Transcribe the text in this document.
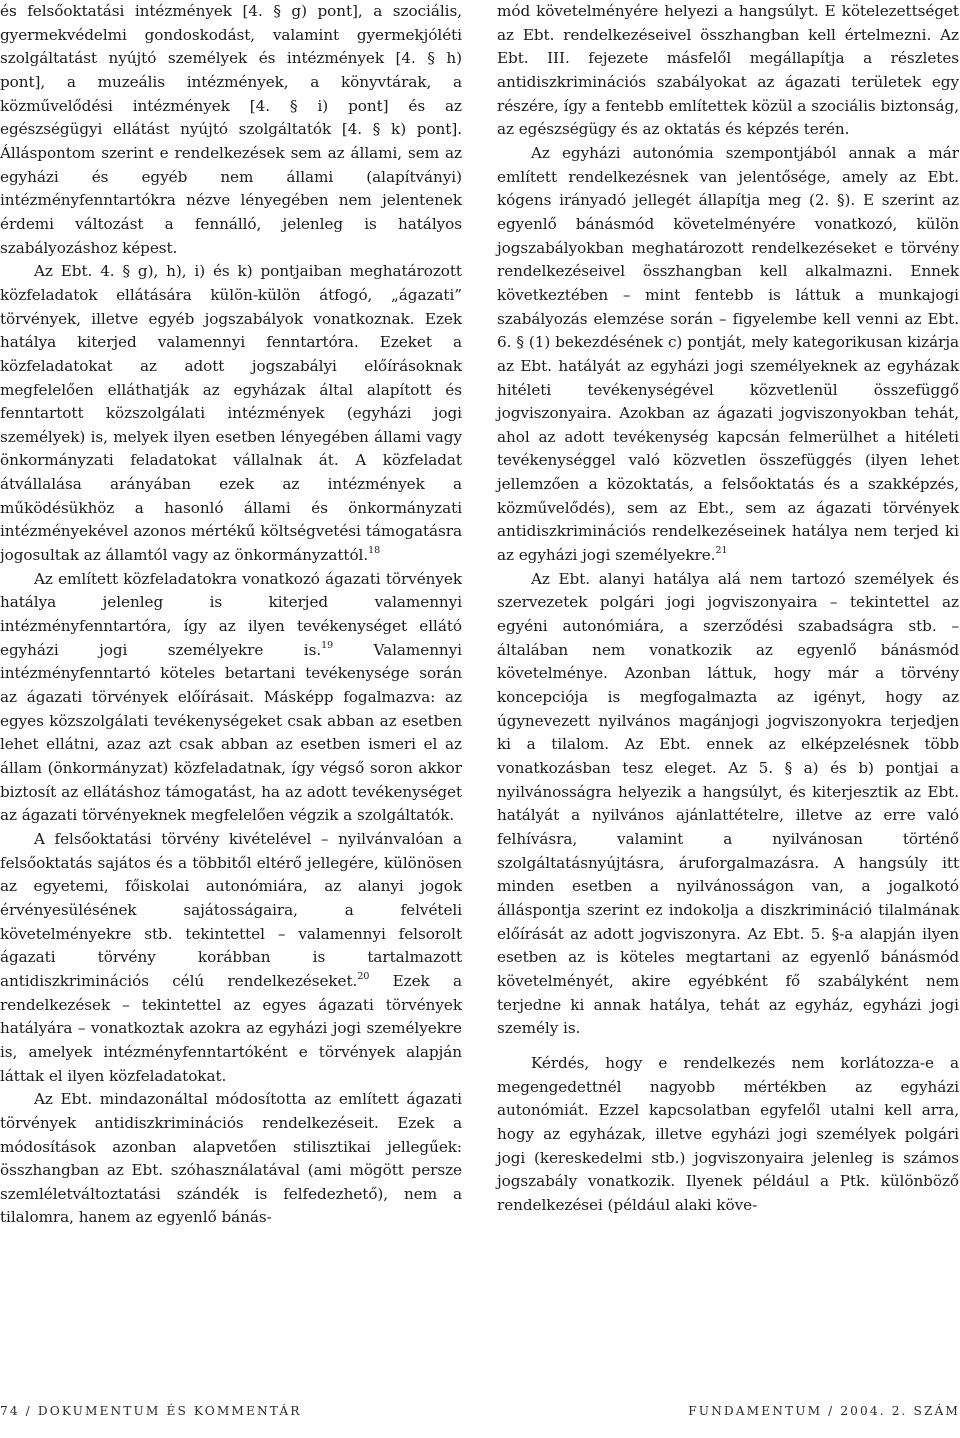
és felsőoktatási intézmények [4. § g) pont], a szociális, gyermekvédelmi gondoskodást, valamint gyermekjóléti szolgáltatást nyújtó személyek és intézmények [4. § h) pont], a muzeális intézmények, a könyvtárak, a közművelődési intézmények [4. § i) pont] és az egészségügyi ellátást nyújtó szolgáltatók [4. § k) pont]. Álláspontom szerint e rendelkezések sem az állami, sem az egyházi és egyéb nem állami (alapítványi) intézményfenntartókra nézve lényegében nem jelentenek érdemi változást a fennálló, jelenleg is hatályos szabályozáshoz képest.

Az Ebt. 4. § g), h), i) és k) pontjaiban meghatározott közfeladatok ellátására külön-külön átfogó, „ágazati” törvények, illetve egyéb jogszabályok vonatkoznak. Ezek hatálya kiterjed valamennyi fenntartóra. Ezeket a közfeladatokat az adott jogszabályi előírásoknak megfelelően elláthatják az egyházak által alapított és fenntartott közszolgálati intézmények (egyházi jogi személyek) is, melyek ilyen esetben lényegében állami vagy önkormányzati feladatokat vállalnak át. A közfeladat átvállalása arányában ezek az intézmények a működésükhöz a hasonló állami és önkormányzati intézményekével azonos mértékű költségvetési támogatásra jogosultak az államtól vagy az önkormányzattól.$^{18}$

Az említett közfeladatokra vonatkozó ágazati törvények hatálya jelenleg is kiterjed valamennyi intézményfenntartóra, így az ilyen tevékenységet ellátó egyházi jogi személyekre is.$^{19}$ Valamennyi intézményfenntartó köteles betartani tevékenysége során az ágazati törvények előírásait. Másképp fogalmazva: az egyes közszolgálati tevékenységeket csak abban az esetben lehet ellátni, azaz azt csak abban az esetben ismeri el az állam (önkormányzat) közfeladatnak, így végső soron akkor biztosít az ellátáshoz támogatást, ha az adott tevékenységet az ágazati törvényeknek megfelelően végzik a szolgáltatók.

A felsőoktatási törvény kivételével – nyilvánvalóan a felsőoktatás sajátos és a többitől eltérő jellegére, különösen az egyetemi, főiskolai autonómiára, az alanyi jogok érvényesülésének sajátosságaira, a felvételi követelményekre stb. tekintettel – valamennyi felsorolt ágazati törvény korábban is tartalmazott antidiszkriminációs célú rendelkezéseket.$^{20}$ Ezek a rendelkezések – tekintettel az egyes ágazati törvények hatályára – vonatkoztak azokra az egyházi jogi személyekre is, amelyek intézményfenntartóként e törvények alapján láttak el ilyen közfeladatokat.

Az Ebt. mindazonáltal módosította az említett ágazati törvények antidiszkriminációs rendelkezéseit. Ezek a módosítások azonban alapvetően stilisztikai jellegűek: összhangban az Ebt. szóhasználatával (ami mögött persze szemléletváltoztatási szándék is felfedezhető), nem a tilalomra, hanem az egyenlő bánás-

mód követelményére helyezi a hangsúlyt. E kötelezettséget az Ebt. rendelkezéseivel összhangban kell értelmezni. Az Ebt. III. fejezete másfelől megállapítja a részletes antidiszkriminációs szabályokat az ágazati területek egy részére, így a fentebb említettek közül a szociális biztonság, az egészségügy és az oktatás és képzés terén.

Az egyházi autonómia szempontjából annak a már említett rendelkezésnek van jelentősége, amely az Ebt. kógens irányadó jellegét állapítja meg (2. §). E szerint az egyenlő bánásmód követelményére vonatkozó, külön jogszabályokban meghatározott rendelkezéseket e törvény rendelkezéseivel összhangban kell alkalmazni. Ennek következtében – mint fentebb is láttuk a munkajogi szabályozás elemzése során – figyelembe kell venni az Ebt. 6. § (1) bekezdésének c) pontját, mely kategorikusan kizárja az Ebt. hatályát az egyházi jogi személyeknek az egyházak hitéleti tevékenységével közvetlenül összefüggő jogviszonyaira. Azokban az ágazati jogviszonyokban tehát, ahol az adott tevékenység kapcsán felmerülhet a hitéleti tevékenységgel való közvetlen összefüggés (ilyen lehet jellemzően a közoktatás, a felsőoktatás és a szakképzés, közművelődés), sem az Ebt., sem az ágazati törvények antidiszkriminációs rendelkezéseinek hatálya nem terjed ki az egyházi jogi személyekre.$^{21}$

Az Ebt. alanyi hatálya alá nem tartozó személyek és szervezetek polgári jogi jogviszonyaira – tekintettel az egyéni autonómiára, a szerződési szabadságra stb. – általában nem vonatkozik az egyenlő bánásmód követelménye. Azonban láttuk, hogy már a törvény koncepciója is megfogalmazta az igényt, hogy az úgynevezett nyilvános magánjogi jogviszonyokra terjedjen ki a tilalom. Az Ebt. ennek az elképzelésnek több vonatkozásban tesz eleget. Az 5. § a) és b) pontjai a nyilvánosságra helyezik a hangsúlyt, és kiterjesztik az Ebt. hatályát a nyilvános ajánlattételre, illetve az erre való felhívásra, valamint a nyilvánosan történő szolgáltatásnyújtásra, áruforgalmazásra. A hangsúly itt minden esetben a nyilvánosságon van, a jogalkotó álláspontja szerint ez indokolja a diszkrimináció tilalmának előírását az adott jogviszonyra. Az Ebt. 5. §-a alapján ilyen esetben az is köteles megtartani az egyenlő bánásmód követelményét, akire egyébként fő szabályként nem terjedne ki annak hatálya, tehát az egyház, egyházi jogi személy is.

Kérdés, hogy e rendelkezés nem korlátozza-e a megengedettnél nagyobb mértékben az egyházi autonómiát. Ezzel kapcsolatban egyfelől utalni kell arra, hogy az egyházak, illetve egyházi jogi személyek polgári jogi (kereskedelmi stb.) jogviszonyaira jelenleg is számos jogszabály vonatkozik. Ilyenek például a Ptk. különböző rendelkezései (például alaki köve-

74 / DOKUMENTUM ÉS KOMMENTÁR	FUNDAMENTUM / 2004. 2. SZÁM
